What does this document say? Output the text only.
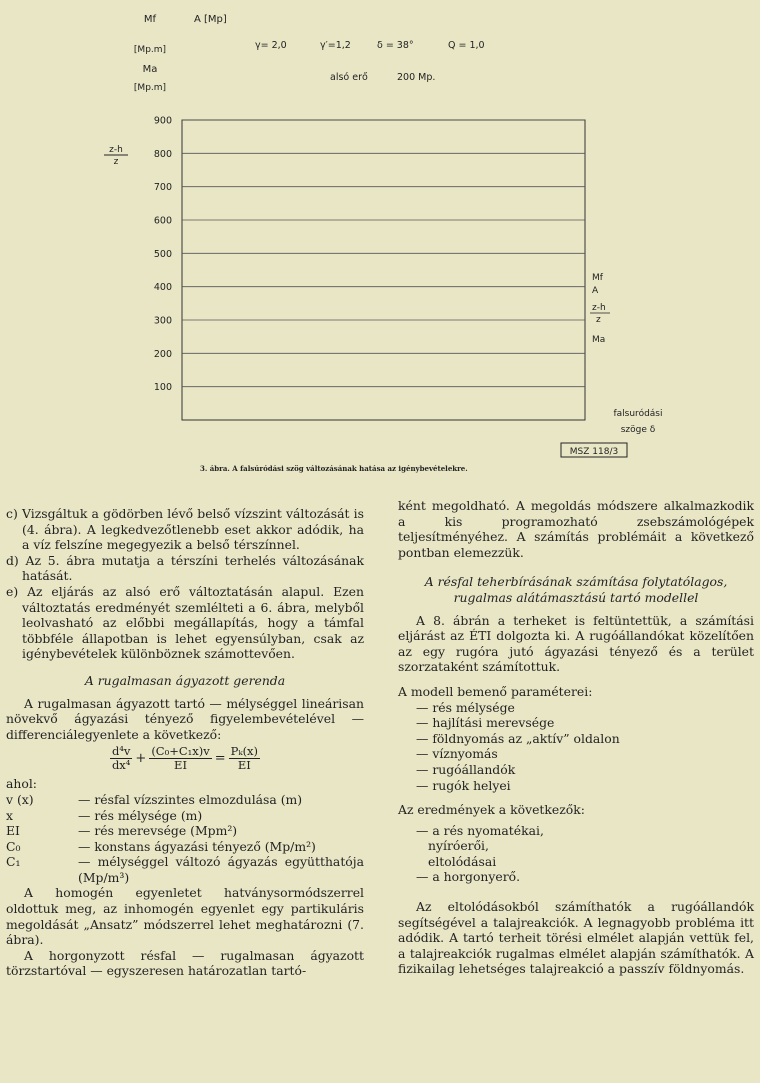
100
200
300
400
500
600
700
800
900
Mf
[Mp.m]
Ma
[Mp.m]
A [Mp]
γ= 2,0	γ′=1,2	δ = 38°	Q = 1,0
alsó erő	200 Mp.
z-h
z
falsuródási
szöge δ
Mf
A
z-h
z
Ma
MSZ 118/3
3. ábra. A falsúródási szög változásának hatása az igénybevételekre.

c) Vizsgáltuk a gödörben lévő belső vízszint változását is (4. ábra). A legkedvezőtlenebb eset akkor adódik, ha a víz felszíne megegyezik a belső térszínnel.

d) Az 5. ábra mutatja a térszíni terhelés változásának hatását.

e) Az eljárás az alsó erő változtatásán alapul. Ezen változtatás eredményét szemlélteti a 6. ábra, melyből leolvasható az előbbi megállapítás, hogy a támfal többféle állapotban is lehet egyensúlyban, csak az igénybevételek különböznek számottevően.

A rugalmasan ágyazott gerenda

A rugalmasan ágyazott tartó — mélységgel lineárisan növekvő ágyazási tényező figyelembevételével — differenciálegyenlete a következő:

$\frac{\text{d⁴v}}{\text{dx⁴}} + \frac{\text{(C₀+C₁x)v}}{EI} = \frac{\text{Pₖ(x)}}{EI}$
ahol:
v (x)	— résfal vízszintes elmozdulása (m)
x	— rés mélysége (m)
EI	— rés merevsége (Mpm²)
C₀	— konstans ágyazási tényező (Mp/m²)
C₁	— mélységgel változó ágyazás együtthatója (Mp/m³)

A homogén egyenletet hatványsormódszerrel oldottuk meg, az inhomogén egyenlet egy partikuláris megoldását „Ansatz” módszerrel lehet meghatározni (7. ábra).

A horgonyzott résfal — rugalmasan ágyazott törzstartóval — egyszeresen határozatlan tartó-

ként megoldható. A megoldás módszere alkalmazkodik a kis programozható zsebszámológépek teljesítményéhez. A számítás problémáit a következő pontban elemezzük.

A résfal teherbírásának számítása folytatólagos, rugalmas alátámasztású tartó modellel

A 8. ábrán a terheket is feltüntettük, a számítási eljárást az ÉTI dolgozta ki. A rugóállandókat közelítően az egy rugóra jutó ágyazási tényező és a terület szorzataként számítottuk.

A modell bemenő paraméterei:

— rés mélysége

— hajlítási merevsége

— földnyomás az „aktív” oldalon

— víznyomás

— rugóállandók

— rugók helyei

Az eredmények a következők:

— a rés nyomatékai,

nyíróerői,

eltolódásai

— a horgonyerő.

Az eltolódásokból számíthatók a rugóállandók segítségével a talajreakciók. A legnagyobb probléma itt adódik. A tartó terheit törési elmélet alapján vettük fel, a talajreakciók rugalmas elmélet alapján számíthatók. A fizikailag lehetséges talajreakció a passzív földnyomás.
